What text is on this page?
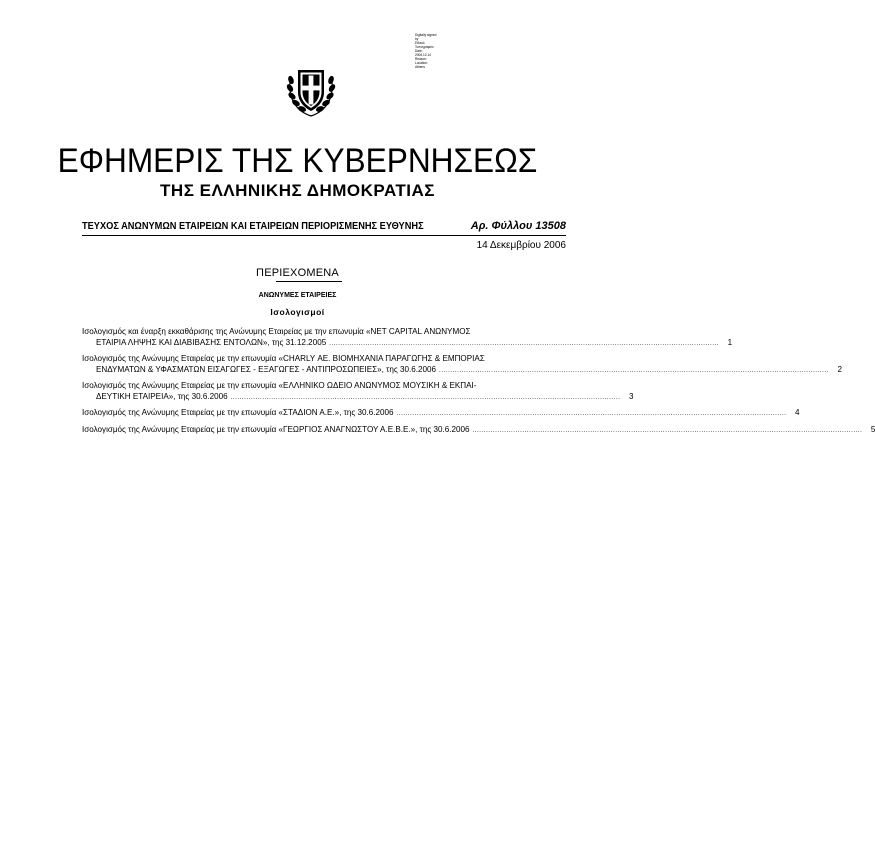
Digitally signed
by
Εθνικό
Τυπογραφείο
Date:
2006.12.14
Reason:
Location:
Athens
ΕΦΗΜΕΡΙΣ ΤΗΣ ΚΥΒΕΡΝΗΣΕΩΣ
ΤΗΣ ΕΛΛΗΝΙΚΗΣ ΔΗΜΟΚΡΑΤΙΑΣ
ΤΕΥΧΟΣ ΑΝΩΝΥΜΩΝ ΕΤΑΙΡΕΙΩΝ ΚΑΙ ΕΤΑΙΡΕΙΩΝ ΠΕΡΙΟΡΙΣΜΕΝΗΣ ΕΥΘΥΝΗΣ	Αρ. Φύλλου 13508
14 Δεκεμβρίου 2006
ΠΕΡΙΕΧΟΜΕΝΑ
ΑΝΩΝΥΜΕΣ ΕΤΑΙΡΕΙΕΣ
Ισολογισμοί
Ισολογισμός και έναρξη εκκαθάρισης της Ανώνυμης Εταιρείας με την επωνυμία «NET CAPITAL ΑΝΩΝΥΜΟΣ
ΕΤΑΙΡΙΑ ΛΗΨΗΣ ΚΑΙ ΔΙΑΒΙΒΑΣΗΣ ΕΝΤΟΛΩΝ», της 31.12.2005 ............................................................................................................................................................................	1
Ισολογισμός της Ανώνυμης Εταιρείας με την επωνυμία «CHARLY ΑΕ. ΒΙΟΜΗΧΑΝΙΑ ΠΑΡΑΓΩΓΗΣ & ΕΜΠΟΡΙΑΣ
ΕΝΔΥΜΑΤΩΝ & ΥΦΑΣΜΑΤΩΝ ΕΙΣΑΓΩΓΕΣ - ΕΞΑΓΩΓΕΣ - ΑΝΤΙΠΡΟΣΩΠΕΙΕΣ», της 30.6.2006 ............................................................................................................................................................................	2
Ισολογισμός της Ανώνυμης Εταιρείας με την επωνυμία «ΕΛΛΗΝΙΚΟ ΩΔΕΙΟ ΑΝΩΝΥΜΟΣ ΜΟΥΣΙΚΗ & ΕΚΠΑΙ-
ΔΕΥΤΙΚΗ ΕΤΑΙΡΕΙΑ», της 30.6.2006 ............................................................................................................................................................................	3
Ισολογισμός της Ανώνυμης Εταιρείας με την επωνυμία «ΣΤΑΔΙΟΝ Α.Ε.», της 30.6.2006 ............................................................................................................................................................................	4
Ισολογισμός της Ανώνυμης Εταιρείας με την επωνυμία «ΓΕΩΡΓΙΟΣ ΑΝΑΓΝΩΣΤΟΥ Α.Ε.Β.Ε.», της 30.6.2006 ............................................................................................................................................................................	5
